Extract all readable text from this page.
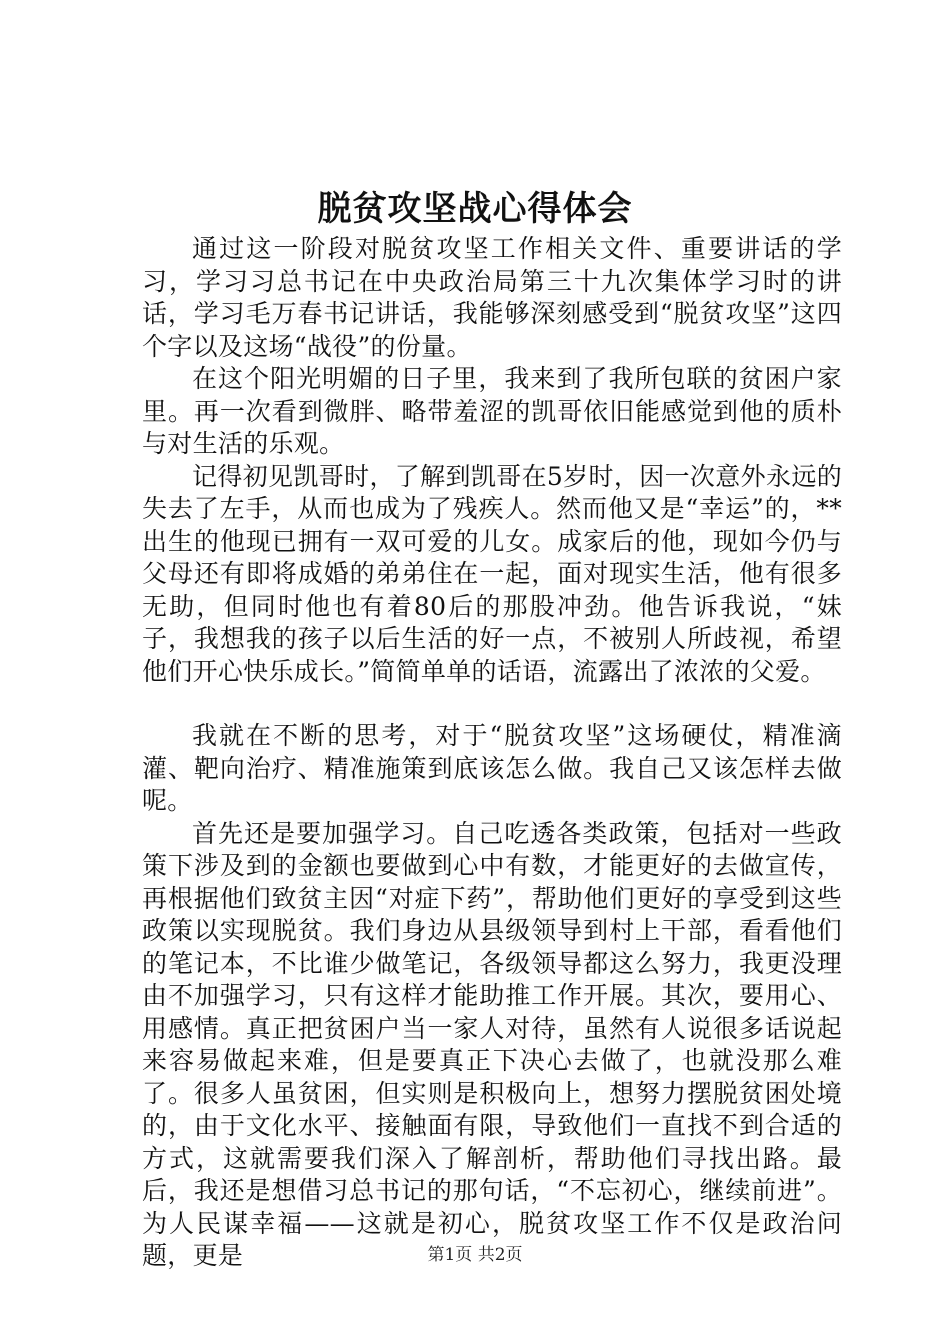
脱贫攻坚战心得体会

通过这一阶段对脱贫攻坚工作相关文件、重要讲话的学习，学习习总书记在中央政治局第三十九次集体学习时的讲话，学习毛万春书记讲话，我能够深刻感受到“脱贫攻坚”这四个字以及这场“战役”的份量。

在这个阳光明媚的日子里，我来到了我所包联的贫困户家里。再一次看到微胖、略带羞涩的凯哥依旧能感觉到他的质朴与对生活的乐观。

记得初见凯哥时，了解到凯哥在5岁时，因一次意外永远的失去了左手，从而也成为了残疾人。然而他又是“幸运”的，**出生的他现已拥有一双可爱的儿女。成家后的他，现如今仍与父母还有即将成婚的弟弟住在一起，面对现实生活，他有很多无助，但同时他也有着80后的那股冲劲。他告诉我说，“妹子，我想我的孩子以后生活的好一点，不被别人所歧视，希望他们开心快乐成长。”简简单单的话语，流露出了浓浓的父爱。

我就在不断的思考，对于“脱贫攻坚”这场硬仗，精准滴灌、靶向治疗、精准施策到底该怎么做。我自己又该怎样去做呢。

首先还是要加强学习。自己吃透各类政策，包括对一些政策下涉及到的金额也要做到心中有数，才能更好的去做宣传，再根据他们致贫主因“对症下药”，帮助他们更好的享受到这些政策以实现脱贫。我们身边从县级领导到村上干部，看看他们的笔记本，不比谁少做笔记，各级领导都这么努力，我更没理由不加强学习，只有这样才能助推工作开展。其次，要用心、用感情。真正把贫困户当一家人对待，虽然有人说很多话说起来容易做起来难，但是要真正下决心去做了，也就没那么难了。很多人虽贫困，但实则是积极向上，想努力摆脱贫困处境的，由于文化水平、接触面有限，导致他们一直找不到合适的方式，这就需要我们深入了解剖析，帮助他们寻找出路。最后，我还是想借习总书记的那句话，“不忘初心，继续前进”。为人民谋幸福——这就是初心，脱贫攻坚工作不仅是政治问题，更是	第1页 共2页
